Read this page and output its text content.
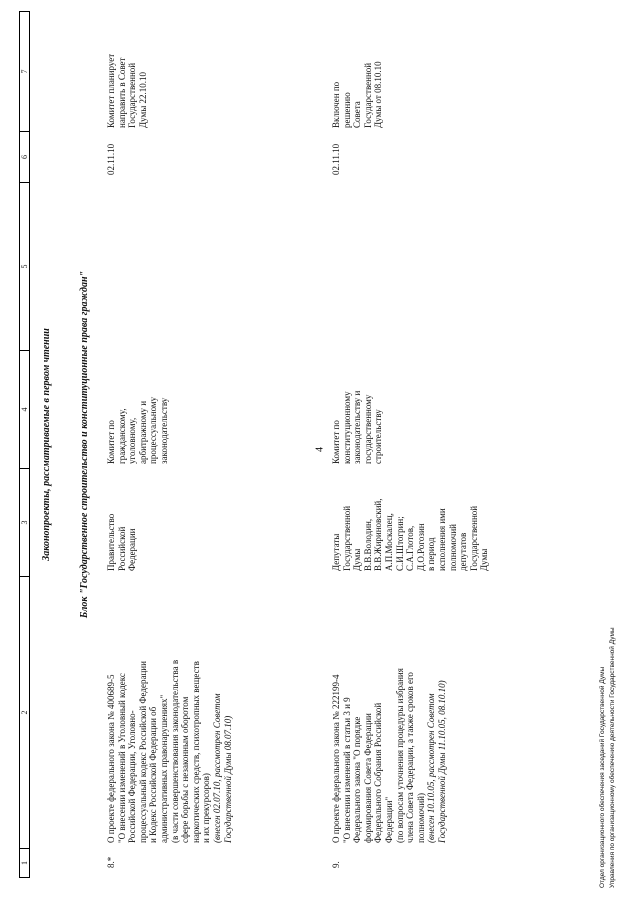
4
1
2
3
4
5
6
7
Законопроекты, рассматриваемые в первом чтении	Блок "Государственное строительство и конституционные права граждан"
8.*
О проекте федерального закона № 400689-5 "О внесении изменений в Уголовный кодекс Российской Федерации, Уголовно- процессуальный кодекс Российской Федерации и Кодекс Российской Федерации об административных правонарушениях" (в части совершенствования законодательства в сфере борьбы с незаконным оборотом наркотических средств, психотропных веществ и их прекурсоров) (внесен 02.07.10, рассмотрен Советом Государственной Думы 08.07.10)
Правительство Российской Федерации
Комитет по гражданскому, уголовному, арбитражному и процессуальному законодательству
02.11.10
Комитет планирует направить в Совет Государственной Думы 22.10.10
9.
О проекте федерального закона № 222199-4 "О внесении изменений в статьи 3 и 9 Федерального закона "О порядке формирования Совета Федерации Федерального Собрания Российской Федерации" (по вопросам уточнения процедуры избрания члена Совета Федерации, а также сроков его полномочий) (внесен 10.10.05, рассмотрен Советом Государственной Думы 11.10.05, 08.10.10)
Депутаты Государственной Думы В.В.Володин, В.В.Жириновский, А.П.Москалец, С.И.Штогрин; С.А.Глотов, Д.О.Рогозин в период исполнения ими полномочий депутатов Государственной Думы
Комитет по конституционному законодательству и государственному строительству
02.11.10
Включен по решению Совета Государственной Думы от 08.10.10
Отдел организационного обеспечения заседаний Государственной Думы Управления по организационному обеспечению деятельности Государственной Думы
